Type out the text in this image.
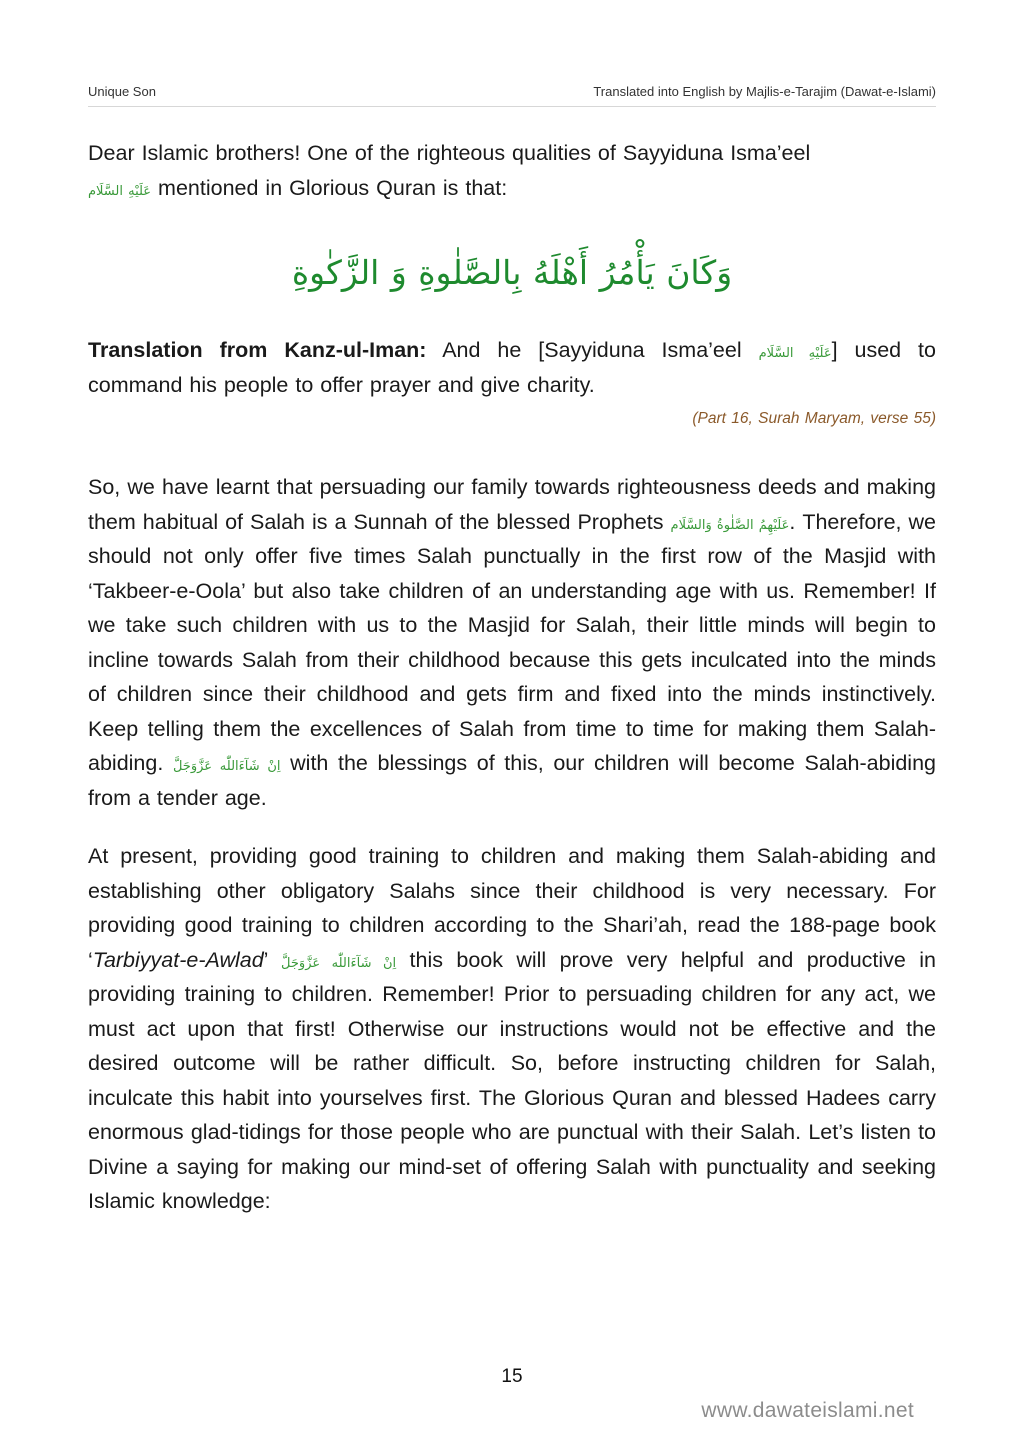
Unique Son	Translated into English by Majlis-e-Tarajim (Dawat-e-Islami)

Dear Islamic brothers! One of the righteous qualities of Sayyiduna Isma’eel
عَلَيْهِ السَّلَام mentioned in Glorious Quran is that:

وَكَانَ يَأْمُرُ أَهْلَهُ بِالصَّلٰوةِ وَ الزَّكٰوةِ

Translation from Kanz-ul-Iman: And he [Sayyiduna Isma’eel عَلَيْهِ السَّلَام] used to command his people to offer prayer and give charity.

(Part 16, Surah Maryam, verse 55)

So, we have learnt that persuading our family towards righteousness deeds and making them habitual of Salah is a Sunnah of the blessed Prophets عَلَيْهِمُ الصَّلٰوةُ وَالسَّلَام. Therefore, we should not only offer five times Salah punctually in the first row of the Masjid with ‘Takbeer-e-Oola’ but also take children of an understanding age with us. Remember! If we take such children with us to the Masjid for Salah, their little minds will begin to incline towards Salah from their childhood because this gets inculcated into the minds of children since their childhood and gets firm and fixed into the minds instinctively. Keep telling them the excellences of Salah from time to time for making them Salah-abiding. اِنْ شَآءَاللّٰه عَزَّوَجَلَّ with the blessings of this, our children will become Salah-abiding from a tender age.

At present, providing good training to children and making them Salah-abiding and establishing other obligatory Salahs since their childhood is very necessary. For providing good training to children according to the Shari’ah, read the 188-page book ‘Tarbiyyat-e-Awlad’ اِنْ شَآءَاللّٰه عَزَّوَجَلَّ this book will prove very helpful and productive in providing training to children. Remember! Prior to persuading children for any act, we must act upon that first! Otherwise our instructions would not be effective and the desired outcome will be rather difficult. So, before instructing children for Salah, inculcate this habit into yourselves first. The Glorious Quran and blessed Hadees carry enormous glad-tidings for those people who are punctual with their Salah. Let’s listen to Divine a saying for making our mind-set of offering Salah with punctuality and seeking Islamic knowledge:

15
www.dawateislami.net
